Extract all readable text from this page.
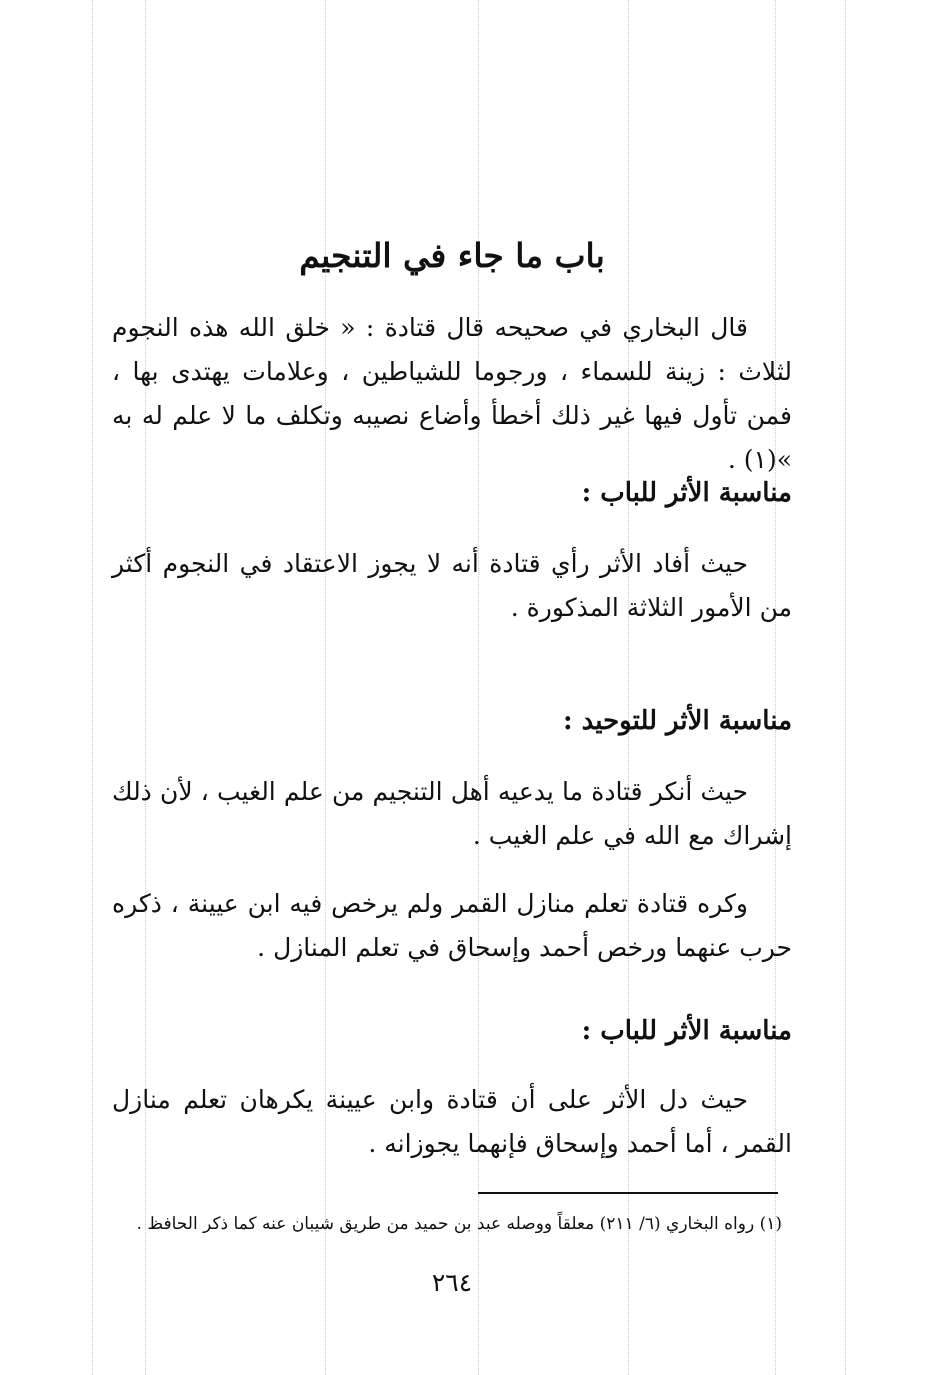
باب ما جاء في التنجيم

قال البخاري في صحيحه قال قتادة : « خلق الله هذه النجوم لثلاث : زينة للسماء ، ورجوما للشياطين ، وعلامات يهتدى بها ، فمن تأول فيها غير ذلك أخطأ وأضاع نصيبه وتكلف ما لا علم له به »(١) .

مناسبة الأثر للباب :

حيث أفاد الأثر رأي قتادة أنه لا يجوز الاعتقاد في النجوم أكثر من الأمور الثلاثة المذكورة .

مناسبة الأثر للتوحيد :

حيث أنكر قتادة ما يدعيه أهل التنجيم من علم الغيب ، لأن ذلك إشراك مع الله في علم الغيب .

وكره قتادة تعلم منازل القمر ولم يرخص فيه ابن عيينة ، ذكره حرب عنهما ورخص أحمد وإسحاق في تعلم المنازل .

مناسبة الأثر للباب :

حيث دل الأثر على أن قتادة وابن عيينة يكرهان تعلم منازل القمر ، أما أحمد وإسحاق فإنهما يجوزانه .

(١) رواه البخاري (٦/ ٢١١) معلقاً ووصله عبد بن حميد من طريق شيبان عنه كما ذكر الحافظ .

٢٦٤
